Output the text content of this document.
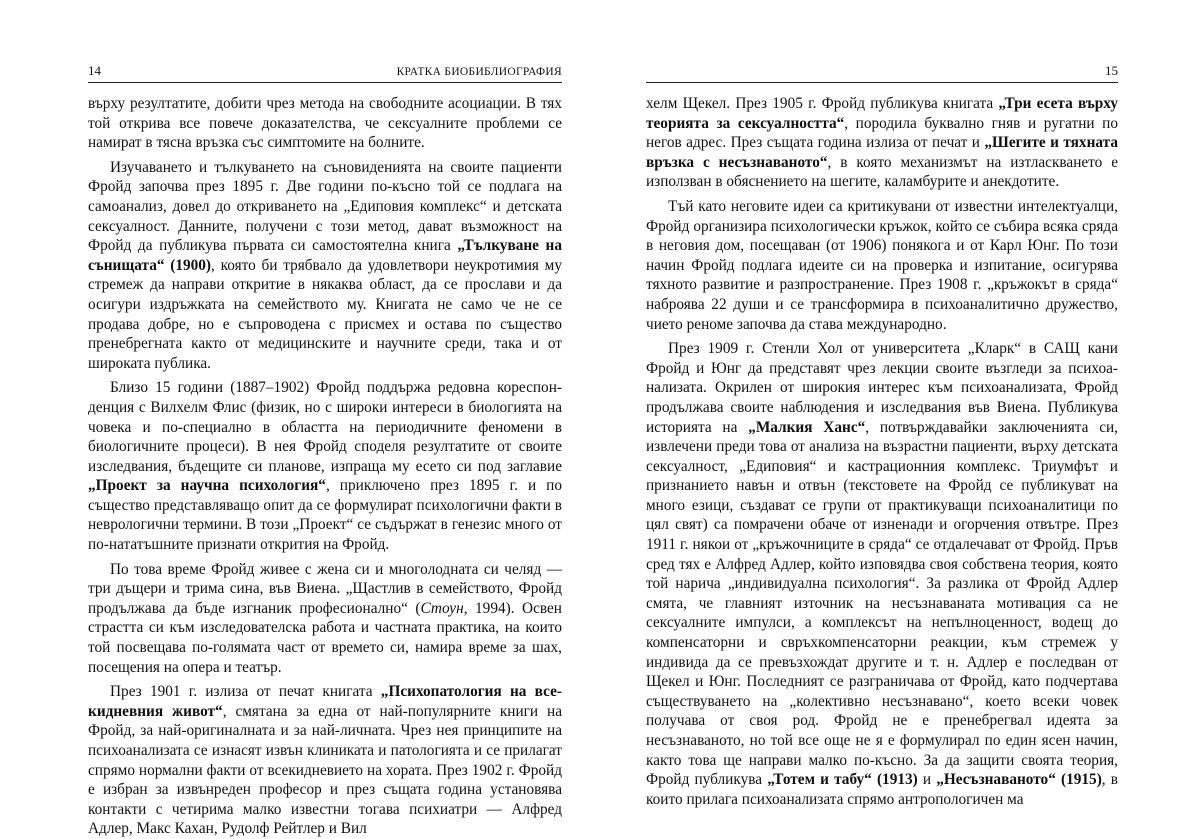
14	КРАТКА БИОБИБЛИОГРАФИЯ

върху резултатите, добити чрез метода на свободните асоциации. В тях той открива все повече доказателства, че сексуалните проблеми се намират в тясна връзка със симптомите на болните.

Изучаването и тълкуването на съновиденията на своите пациенти Фройд започва през 1895 г. Две години по-късно той се подлага на самоанализ, довел до откриването на „Едиповия комплекс“ и детската сексуалност. Данните, получени с този метод, дават възможност на Фройд да публикува първата си самостоятелна книга „Тълкуване на сънищата“ (1900), която би трябвало да удовлетвори неукротимия му стремеж да направи откритие в някаква област, да се прослави и да осигури издръжката на семейството му. Книгата не само че не се продава добре, но е съпроводена с присмех и остава по същество пренебрегната както от медицинските и научните среди, така и от широката публика.

Близо 15 години (1887–1902) Фройд поддържа редовна кореспонденция с Вилхелм Флис (физик, но с широки интереси в биологията на човека и по-специално в областта на периодичните феномени в биологичните процеси). В нея Фройд споделя резултатите от своите изследвания, бъдещите си планове, изпраща му есето си под заглавие „Проект за научна психология“, приключено през 1895 г. и по същество представляващо опит да се формулират психологични факти в неврологични термини. В този „Проект“ се съдържат в генезис много от по-нататъшните признати открития на Фройд.

По това време Фройд живее с жена си и многолодната си челяд — три дъщери и трима сина, във Виена. „Щастлив в семейството, Фройд продължава да бъде изгнаник професионално“ (Стоун, 1994). Освен страстта си към изследователска работа и частната практика, на които той посвещава по-голямата част от времето си, намира време за шах, посещения на опера и театър.

През 1901 г. излиза от печат книгата „Психопатология на всекидневния живот“, смятана за една от най-популярните книги на Фройд, за най-оригиналната и за най-личната. Чрез нея принципите на психоанализата се изнасят извън клиниката и патологията и се прилагат спрямо нормални факти от всекидневието на хората. През 1902 г. Фройд е избран за извънреден професор и през същата година установява контакти с четирима малко известни тогава психиатри — Алфред Адлер, Макс Кахан, Рудолф Рейтлер и Вил

15

хелм Щекел. През 1905 г. Фройд публикува книгата „Три есета върху теорията за сексуалността“, породила буквално гняв и ругатни по негов адрес. През същата година излиза от печат и „Шегите и тяхната връзка с несъзнаваното“, в която механизмът на изтласкването е използван в обяснението на шегите, каламбурите и анекдотите.

Тъй като неговите идеи са критикувани от известни интелектуалци, Фройд организира психологически кръжок, който се събира всяка сряда в неговия дом, посещаван (от 1906) понякога и от Карл Юнг. По този начин Фройд подлага идеите си на проверка и изпитание, осигурява тяхното развитие и разпространение. През 1908 г. „кръжокът в сряда“ наброява 22 души и се трансформира в психоаналитично дружество, чието реноме започва да става международно.

През 1909 г. Стенли Хол от университета „Кларк“ в САЩ кани Фройд и Юнг да представят чрез лекции своите възгледи за психоанализата. Окрилен от широкия интерес към психоанализата, Фройд продължава своите наблюдения и изследвания във Виена. Публикува историята на „Малкия Ханс“, потвърждавайки заключенията си, извлечени преди това от анализа на възрастни пациенти, върху детската сексуалност, „Едиповия“ и кастрационния комплекс. Триумфът и признанието навън и отвън (текстовете на Фройд се публикуват на много езици, създават се групи от практикуващи психоаналитици по цял свят) са помрачени обаче от изненади и огорчения отвътре. През 1911 г. някои от „кръжочниците в сряда“ се отдалечават от Фройд. Пръв сред тях е Алфред Адлер, който изповядва своя собствена теория, която той нарича „индивидуална психология“. За разлика от Фройд Адлер смята, че главният източник на несъзнаваната мотивация са не сексуалните импулси, а комплексът на непълноценност, водещ до компенсаторни и свръхкомпенсаторни реакции, към стремеж у индивида да се превъзхождат другите и т. н. Адлер е последван от Щекел и Юнг. Последният се разграничава от Фройд, като подчертава съществуването на „колективно несъзнавано“, което всеки човек получава от своя род. Фройд не е пренебрегвал идеята за несъзнаваното, но той все още не я е формулирал по един ясен начин, както това ще направи малко по-късно. За да защити своята теория, Фройд публикува „Тотем и табу“ (1913) и „Несъзнаваното“ (1915), в които прилага психоанализата спрямо антропологичен ма
